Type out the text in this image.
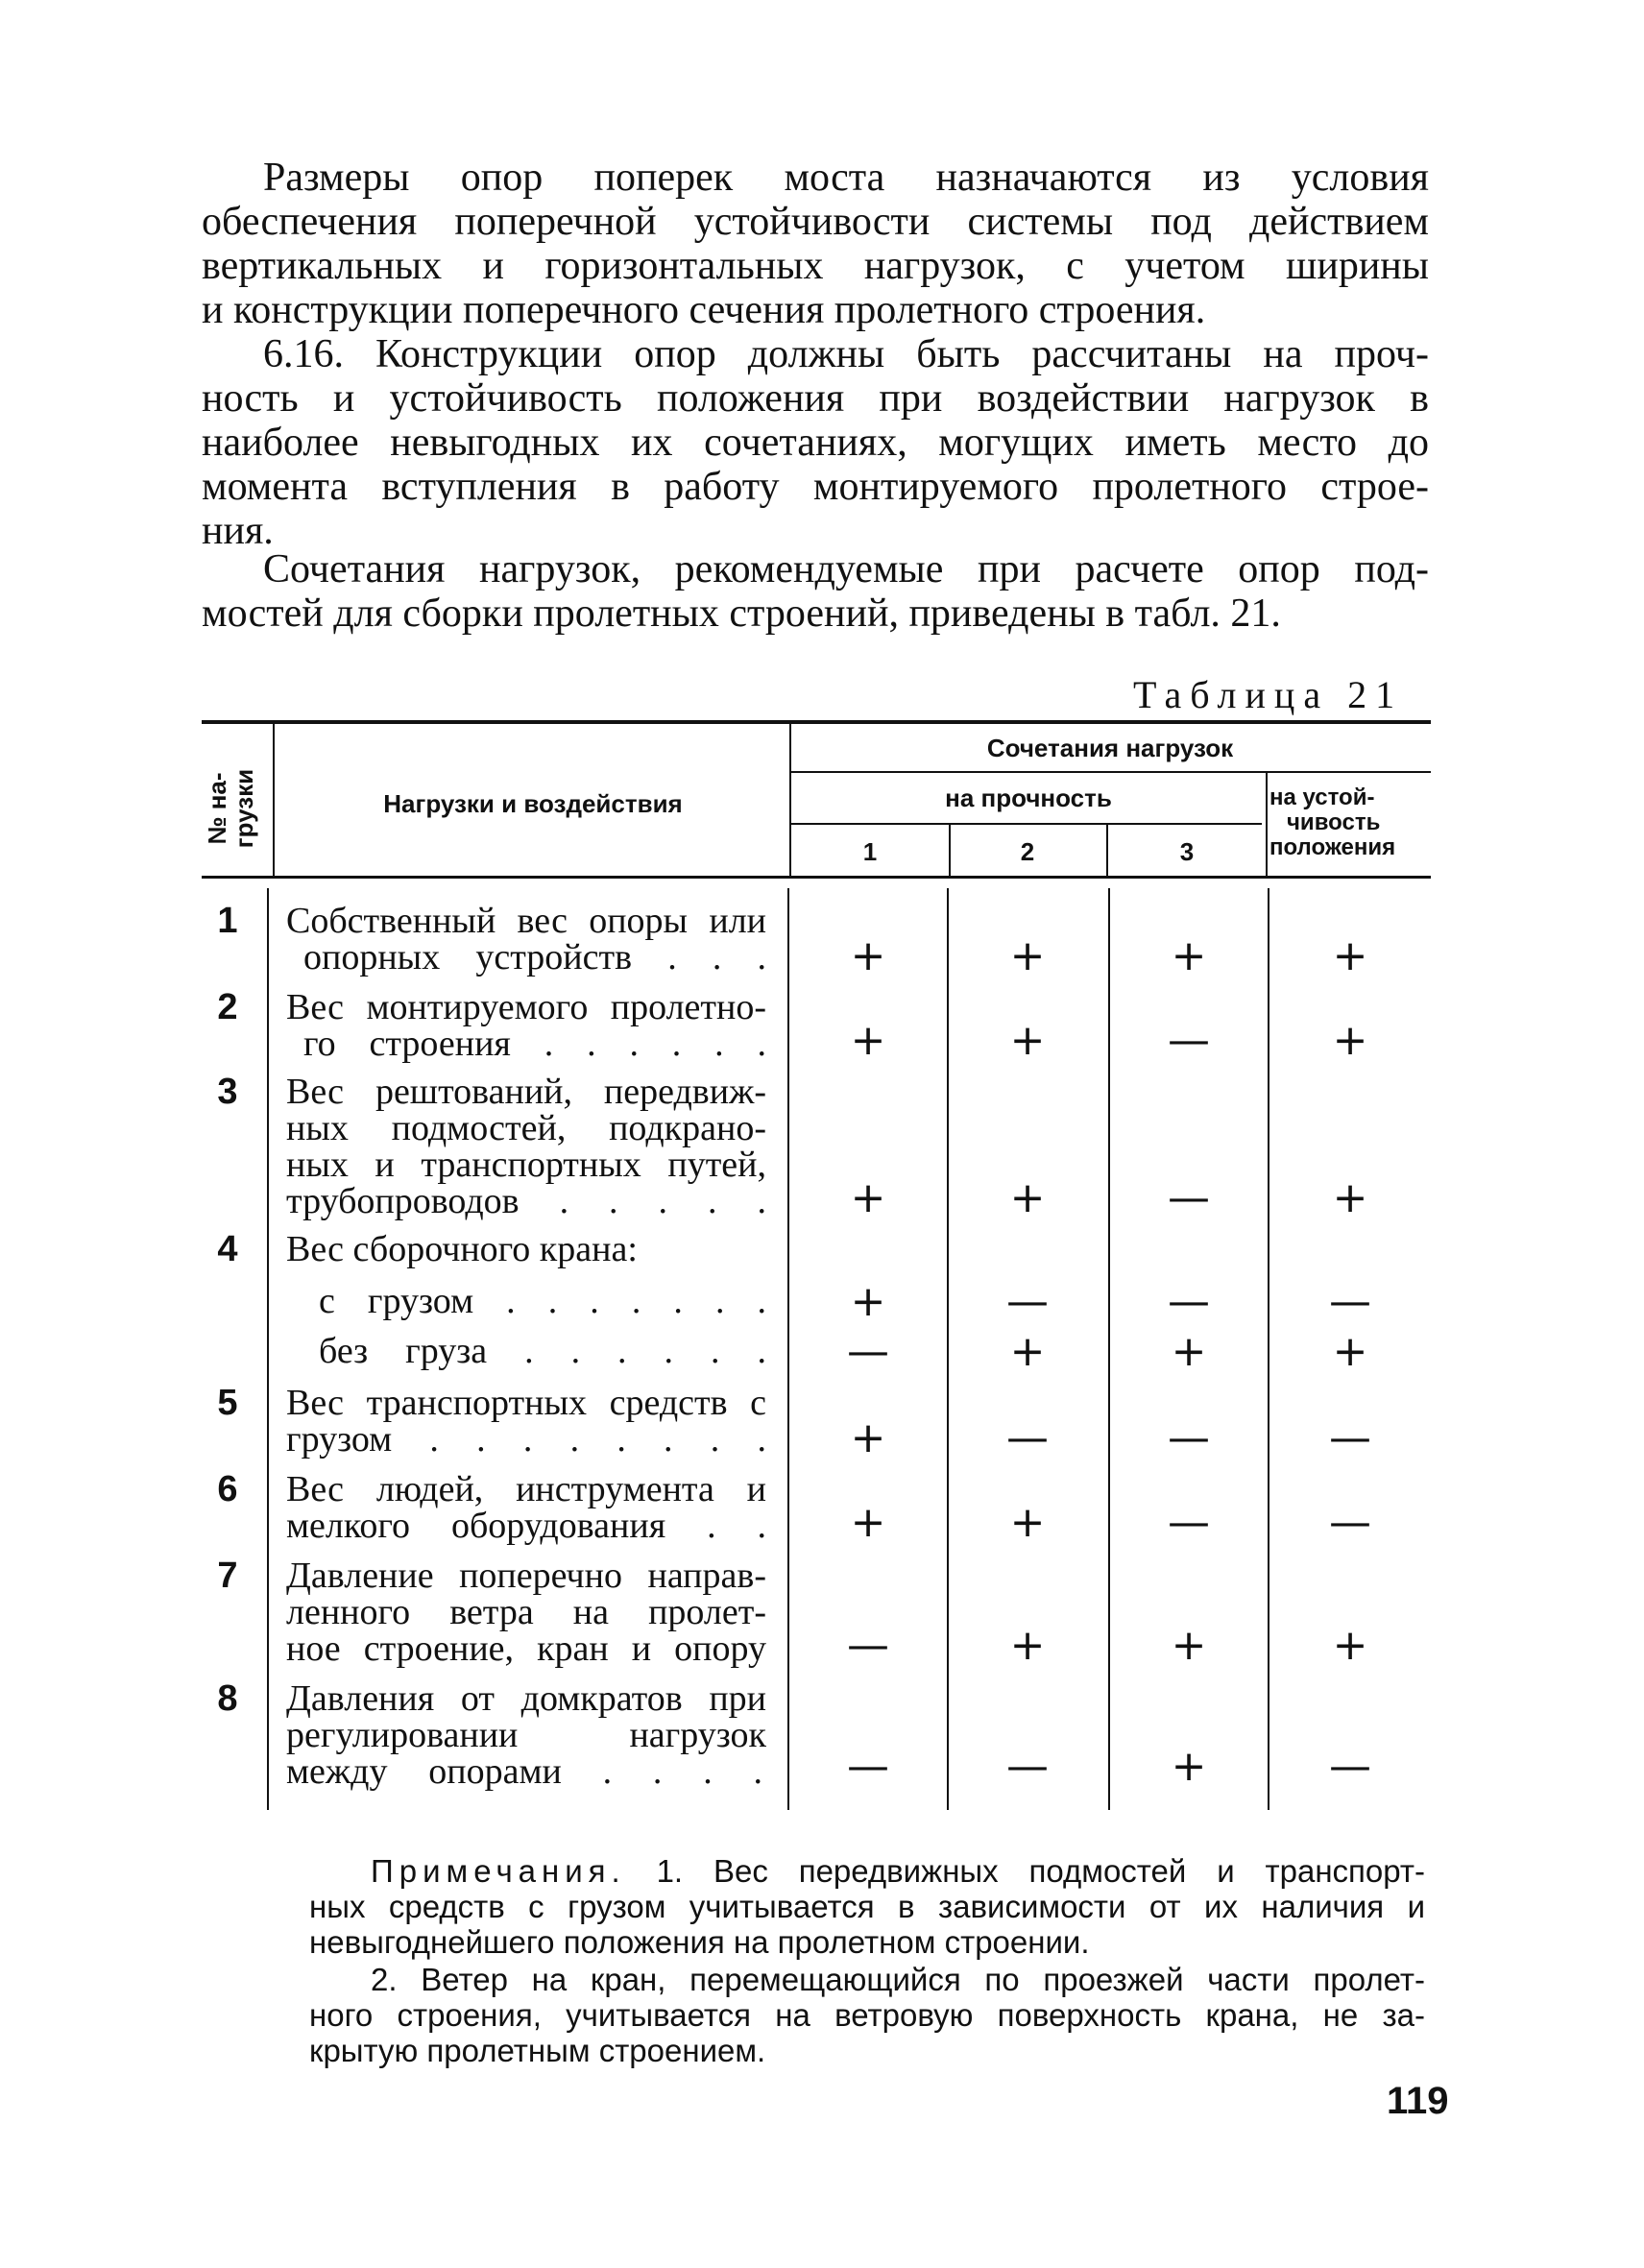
Размеры опор поперек моста назначаются из условия
обеспечения поперечной устойчивости системы под действием
вертикальных и горизонтальных нагрузок, с учетом ширины
и конструкции поперечного сечения пролетного строения.
6.16. Конструкции опор должны быть рассчитаны на проч-
ность и устойчивость положения при воздействии нагрузок в
наиболее невыгодных их сочетаниях, могущих иметь место до
момента вступления в работу монтируемого пролетного строе-
ния.
Сочетания нагрузок, рекомендуемые при расчете опор под-
мостей для сборки пролетных строений, приведены в табл. 21.
Таблица 21
№ на-
грузки	Нагрузки и воздействия
Сочетания нагрузок
на прочность
1	2	3
на устой-
чивость
положения
1 Собственный вес опоры или
опорных устройств . . .	+	+	+	+
2 Вес монтируемого пролетно-
го строения . . . . . .	+	+	—	+
3 Вес рештований, передвиж-
ных подмостей, подкрано-
ных и транспортных путей,
трубопроводов . . . . .	+	+	—	+
4 Вес сборочного крана:
с грузом . . . . . . .	+	—	—	—
без груза . . . . . .	—	+	+	+
5 Вес транспортных средств с
грузом . . . . . . . .	+	—	—	—
6 Вес людей, инструмента и
мелкого оборудования . .	+	+	—	—
7 Давление поперечно направ-
ленного ветра на пролет-
ное строение, кран и опору	—	+	+	+
8 Давления от домкратов при
регулировании нагрузок
между опорами . . . .	—	—	+	—
Примечания. 1. Вес передвижных подмостей и транспорт-
ных средств с грузом учитывается в зависимости от их наличия и
невыгоднейшего положения на пролетном строении.
2. Ветер на кран, перемещающийся по проезжей части пролет-
ного строения, учитывается на ветровую поверхность крана, не за-
крытую пролетным строением.
119
